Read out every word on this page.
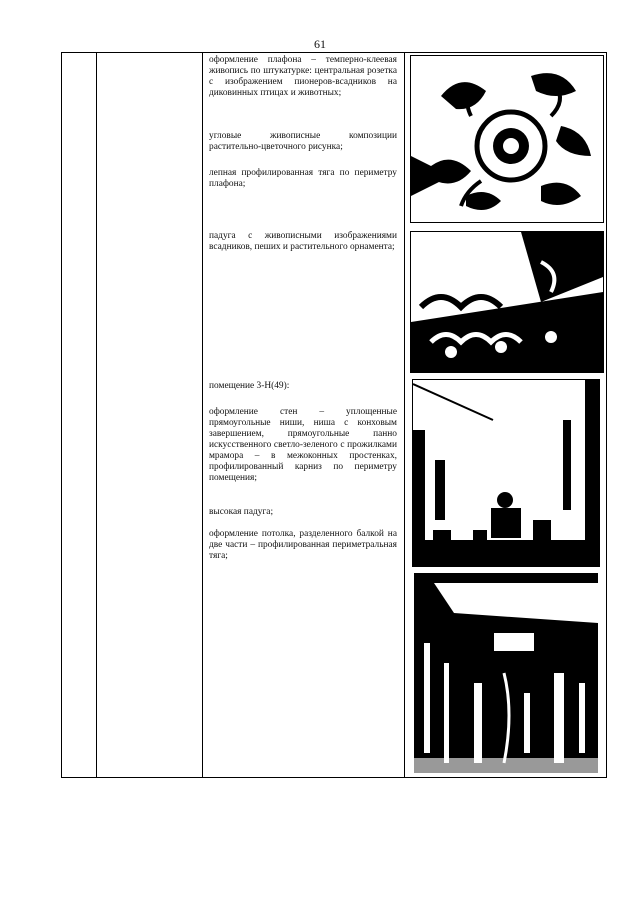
61

оформление плафона – темперно-клеевая живопись по штукатурке: центральная розетка с изображением пионеров-всадников на диковинных птицах и животных;

угловые живописные композиции растительно-цветочного рисунка;

лепная профилированная тяга по периметру плафона;

падуга с живописными изображениями всадников, пеших и растительного орнамента;

помещение 3-Н(49):

оформление стен – уплощенные прямоугольные ниши, ниша с конховым завершением, прямоугольные панно искусственного светло-зеленого с прожилками мрамора – в межоконных простенках, профилированный карниз по периметру помещения;

высокая падуга;

оформление потолка, разделенного балкой на две части – профилированная периметральная тяга;
